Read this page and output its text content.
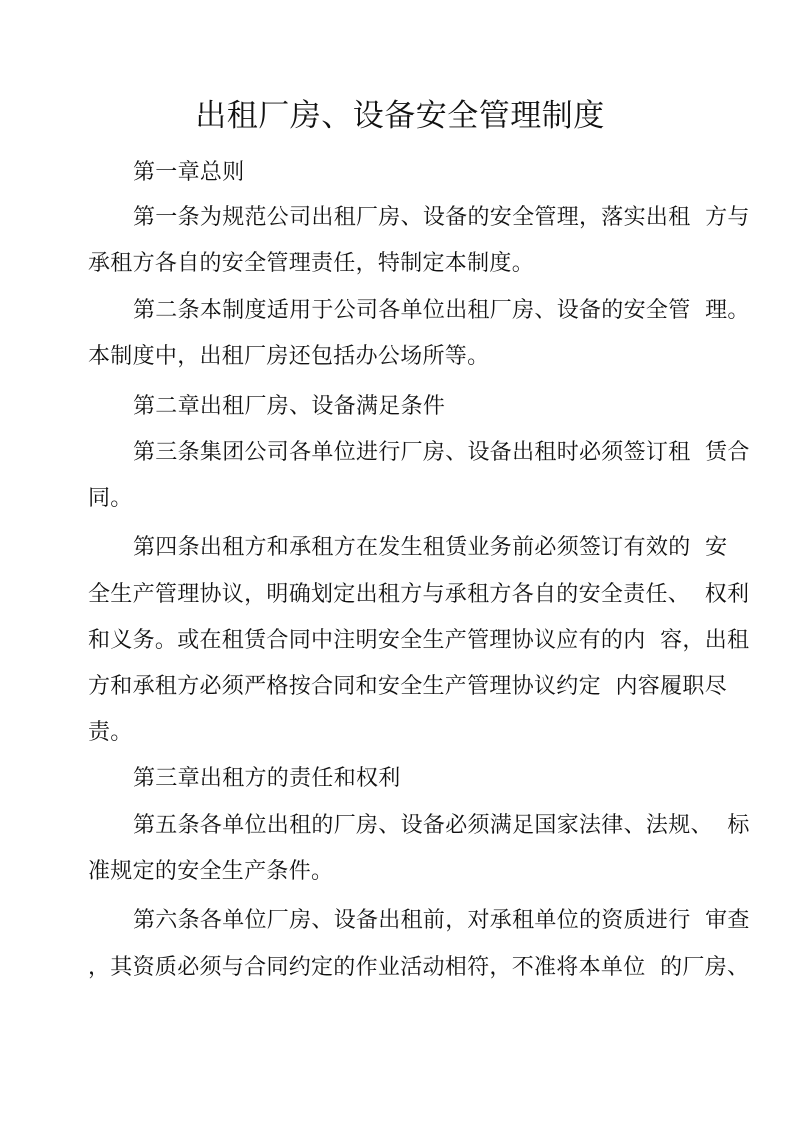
出租厂房、设备安全管理制度
第一章总则
第一条为规范公司出租厂房、设备的安全管理，落实出租  方与
承租方各自的安全管理责任，特制定本制度。
第二条本制度适用于公司各单位出租厂房、设备的安全管  理。
本制度中，出租厂房还包括办公场所等。
第二章出租厂房、设备满足条件
第三条集团公司各单位进行厂房、设备出租时必须签订租  赁合
同。
第四条出租方和承租方在发生租赁业务前必须签订有效的  安
全生产管理协议，明确划定出租方与承租方各自的安全责任、  权利
和义务。或在租赁合同中注明安全生产管理协议应有的内  容，出租
方和承租方必须严格按合同和安全生产管理协议约定  内容履职尽
责。
第三章出租方的责任和权利
第五条各单位出租的厂房、设备必须满足国家法律、法规、  标
准规定的安全生产条件。
第六条各单位厂房、设备出租前，对承租单位的资质进行  审查
，其资质必须与合同约定的作业活动相符，不准将本单位  的厂房、
